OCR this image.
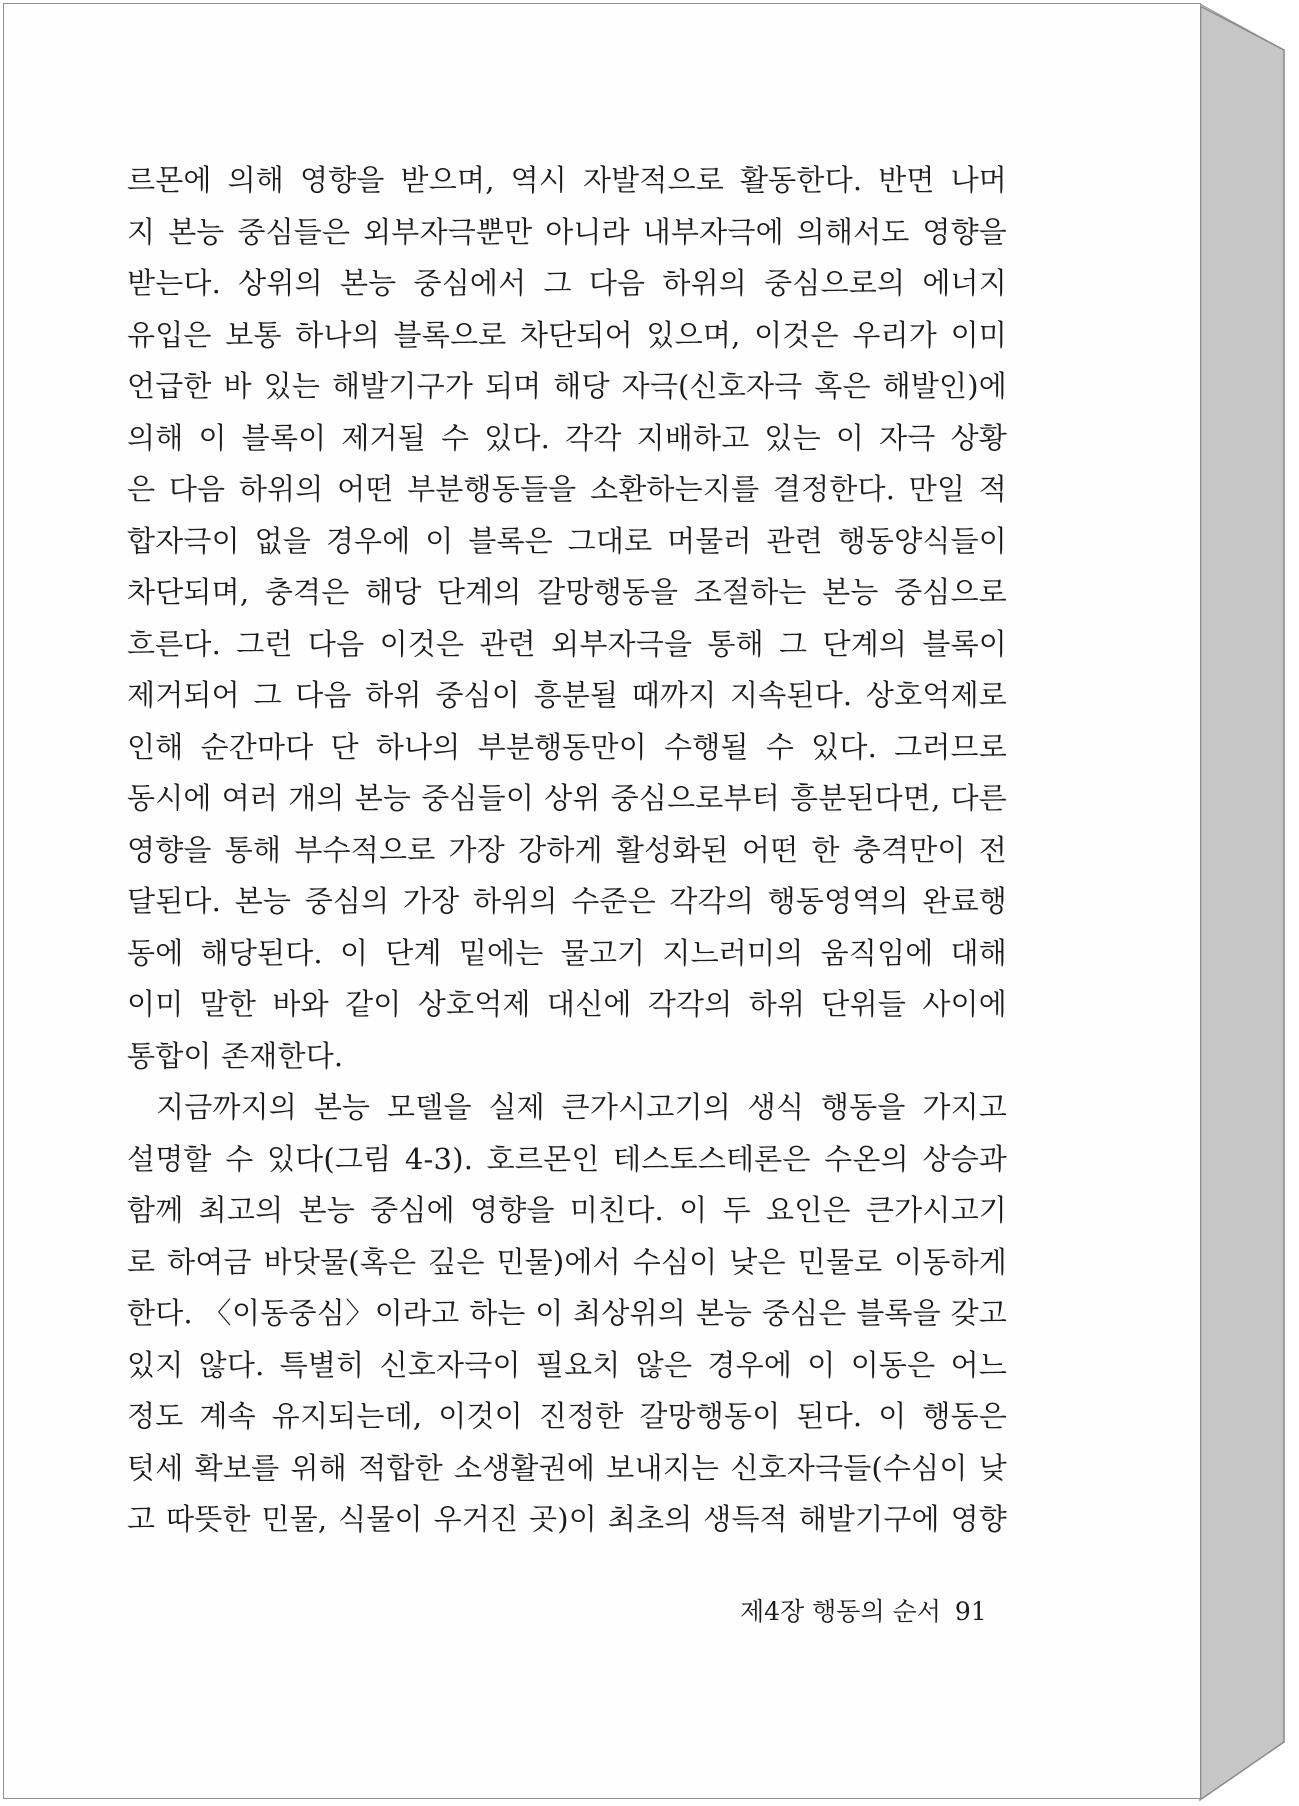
르몬에 의해 영향을 받으며, 역시 자발적으로 활동한다. 반면 나머
지 본능 중심들은 외부자극뿐만 아니라 내부자극에 의해서도 영향을
받는다. 상위의 본능 중심에서 그 다음 하위의 중심으로의 에너지
유입은 보통 하나의 블록으로 차단되어 있으며, 이것은 우리가 이미
언급한 바 있는 해발기구가 되며 해당 자극(신호자극 혹은 해발인)에
의해 이 블록이 제거될 수 있다. 각각 지배하고 있는 이 자극 상황
은 다음 하위의 어떤 부분행동들을 소환하는지를 결정한다. 만일 적
합자극이 없을 경우에 이 블록은 그대로 머물러 관련 행동양식들이
차단되며, 충격은 해당 단계의 갈망행동을 조절하는 본능 중심으로
흐른다. 그런 다음 이것은 관련 외부자극을 통해 그 단계의 블록이
제거되어 그 다음 하위 중심이 흥분될 때까지 지속된다. 상호억제로
인해 순간마다 단 하나의 부분행동만이 수행될 수 있다. 그러므로
동시에 여러 개의 본능 중심들이 상위 중심으로부터 흥분된다면, 다른
영향을 통해 부수적으로 가장 강하게 활성화된 어떤 한 충격만이 전
달된다. 본능 중심의 가장 하위의 수준은 각각의 행동영역의 완료행
동에 해당된다. 이 단계 밑에는 물고기 지느러미의 움직임에 대해
이미 말한 바와 같이 상호억제 대신에 각각의 하위 단위들 사이에
통합이 존재한다.
지금까지의 본능 모델을 실제 큰가시고기의 생식 행동을 가지고
설명할 수 있다(그림 4-3). 호르몬인 테스토스테론은 수온의 상승과
함께 최고의 본능 중심에 영향을 미친다. 이 두 요인은 큰가시고기
로 하여금 바닷물(혹은 깊은 민물)에서 수심이 낮은 민물로 이동하게
한다. 〈이동중심〉이라고 하는 이 최상위의 본능 중심은 블록을 갖고
있지 않다. 특별히 신호자극이 필요치 않은 경우에 이 이동은 어느
정도 계속 유지되는데, 이것이 진정한 갈망행동이 된다. 이 행동은
텃세 확보를 위해 적합한 소생활권에 보내지는 신호자극들(수심이 낮
고 따뜻한 민물, 식물이 우거진 곳)이 최초의 생득적 해발기구에 영향
제4장 행동의 순서 91
